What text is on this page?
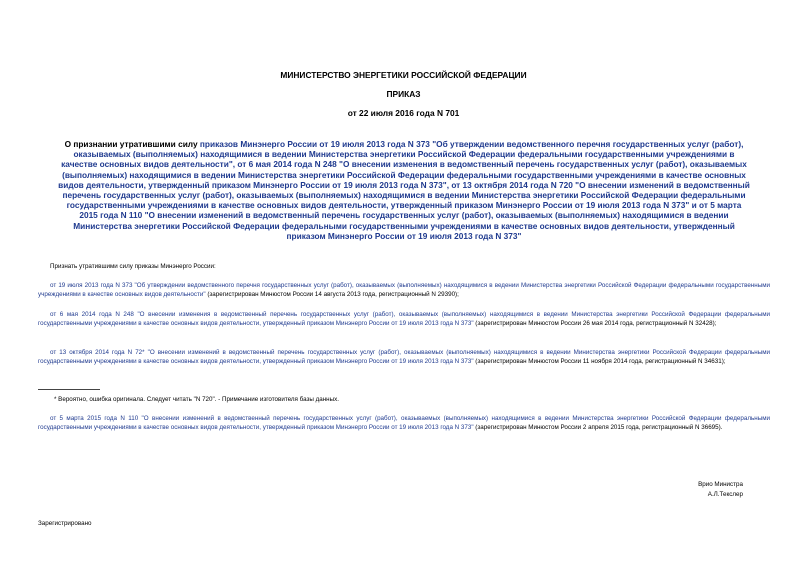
МИНИСТЕРСТВО ЭНЕРГЕТИКИ РОССИЙСКОЙ ФЕДЕРАЦИИ
ПРИКАЗ
от 22 июля 2016 года N 701
О признании утратившими силу приказов Минэнерго России от 19 июля 2013 года N 373 "Об утверждении ведомственного перечня государственных услуг (работ), оказываемых (выполняемых) находящимися в ведении Министерства энергетики Российской Федерации федеральными государственными учреждениями в качестве основных видов деятельности", от 6 мая 2014 года N 248 "О внесении изменения в ведомственный перечень государственных услуг (работ), оказываемых (выполняемых) находящимися в ведении Министерства энергетики Российской Федерации федеральными государственными учреждениями в качестве основных видов деятельности, утвержденный приказом Минэнерго России от 19 июля 2013 года N 373", от 13 октября 2014 года N 720 "О внесении изменений в ведомственный перечень государственных услуг (работ), оказываемых (выполняемых) находящимися в ведении Министерства энергетики Российской Федерации федеральными государственными учреждениями в качестве основных видов деятельности, утвержденный приказом Минэнерго России от 19 июля 2013 года N 373" и от 5 марта 2015 года N 110 "О внесении изменений в ведомственный перечень государственных услуг (работ), оказываемых (выполняемых) находящимися в ведении Министерства энергетики Российской Федерации федеральными государственными учреждениями в качестве основных видов деятельности, утвержденный приказом Минэнерго России от 19 июля 2013 года N 373"
Признать утратившими силу приказы Минэнерго России:
от 19 июля 2013 года N 373 "Об утверждении ведомственного перечня государственных услуг (работ), оказываемых (выполняемых) находящимися в ведении Министерства энергетики Российской Федерации федеральными государственными учреждениями в качестве основных видов деятельности" (зарегистрирован Минюстом России 14 августа 2013 года, регистрационный N 29390);
от 6 мая 2014 года N 248 "О внесении изменения в ведомственный перечень государственных услуг (работ), оказываемых (выполняемых) находящимися в ведении Министерства энергетики Российской Федерации федеральными государственными учреждениями в качестве основных видов деятельности, утвержденный приказом Минэнерго России от 19 июля 2013 года N 373" (зарегистрирован Минюстом России 26 мая 2014 года, регистрационный N 32428);
от 13 октября 2014 года N 72* "О внесении изменений в ведомственный перечень государственных услуг (работ), оказываемых (выполняемых) находящимися в ведении Министерства энергетики Российской Федерации федеральными государственными учреждениями в качестве основных видов деятельности, утвержденный приказом Минэнерго России от 19 июля 2013 года N 373" (зарегистрирован Минюстом России 11 ноября 2014 года, регистрационный N 34631);
* Вероятно, ошибка оригинала. Следует читать "N 720". - Примечание изготовителя базы данных.
от 5 марта 2015 года N 110 "О внесении изменений в ведомственный перечень государственных услуг (работ), оказываемых (выполняемых) находящимися в ведении Министерства энергетики Российской Федерации федеральными государственными учреждениями в качестве основных видов деятельности, утвержденный приказом Минэнерго России от 19 июля 2013 года N 373" (зарегистрирован Минюстом России 2 апреля 2015 года, регистрационный N 36695).
Врио Министра
А.Л.Текслер
Зарегистрировано
